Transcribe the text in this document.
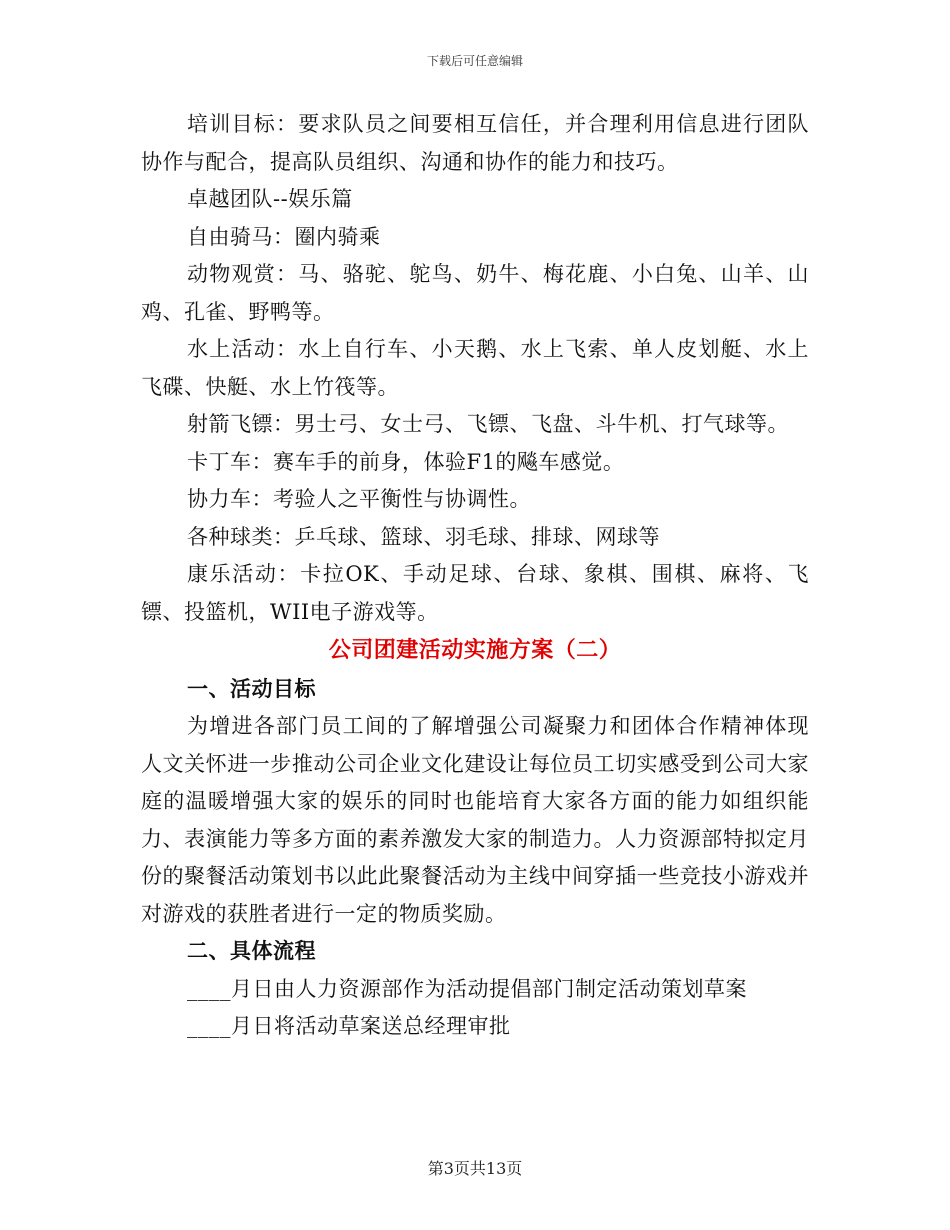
下载后可任意编辑

培训目标：要求队员之间要相互信任，并合理利用信息进行团队协作与配合，提高队员组织、沟通和协作的能力和技巧。

卓越团队--娱乐篇

自由骑马：圈内骑乘

动物观赏：马、骆驼、鸵鸟、奶牛、梅花鹿、小白兔、山羊、山鸡、孔雀、野鸭等。

水上活动：水上自行车、小天鹅、水上飞索、单人皮划艇、水上飞碟、快艇、水上竹筏等。

射箭飞镖：男士弓、女士弓、飞镖、飞盘、斗牛机、打气球等。

卡丁车：赛车手的前身，体验F1的飚车感觉。

协力车：考验人之平衡性与协调性。

各种球类：乒乓球、篮球、羽毛球、排球、网球等

康乐活动：卡拉OK、手动足球、台球、象棋、围棋、麻将、飞镖、投篮机，WII电子游戏等。

公司团建活动实施方案（二）

一、活动目标

为增进各部门员工间的了解增强公司凝聚力和团体合作精神体现人文关怀进一步推动公司企业文化建设让每位员工切实感受到公司大家庭的温暖增强大家的娱乐的同时也能培育大家各方面的能力如组织能力、表演能力等多方面的素养激发大家的制造力。人力资源部特拟定月份的聚餐活动策划书以此此聚餐活动为主线中间穿插一些竞技小游戏并对游戏的获胜者进行一定的物质奖励。

二、具体流程

____月日由人力资源部作为活动提倡部门制定活动策划草案

____月日将活动草案送总经理审批

第3页共13页
